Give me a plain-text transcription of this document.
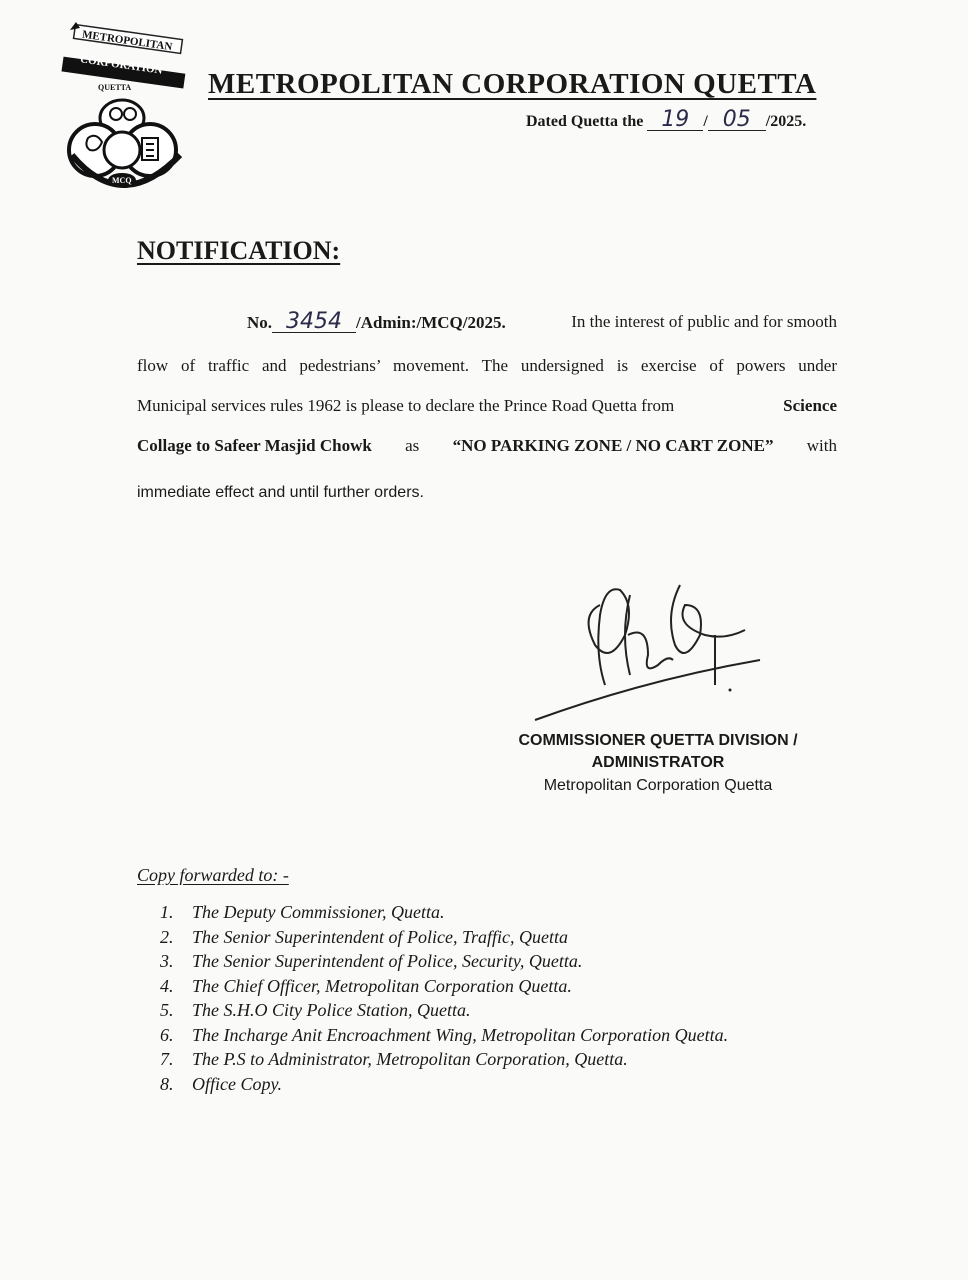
METROPOLITAN
CORPORATION
QUETTA
MCQ
METROPOLITAN CORPORATION QUETTA
Dated Quetta the 19 / 05 /2025.
NOTIFICATION:
No. 3454 /Admin:/MCQ/2025.	In the interest of public and for smooth
flow of traffic and pedestrians’ movement. The undersigned is exercise of powers under
Municipal services rules 1962 is please to declare the Prince Road Quetta from	Science
Collage to Safeer Masjid Chowk as “NO PARKING ZONE / NO CART ZONE” with
immediate effect and until further orders.
COMMISSIONER QUETTA DIVISION /
ADMINISTRATOR
Metropolitan Corporation Quetta
Copy forwarded to: -
1.	The Deputy Commissioner, Quetta.
2.	The Senior Superintendent of Police, Traffic, Quetta
3.	The Senior Superintendent of Police, Security, Quetta.
4.	The Chief Officer, Metropolitan Corporation Quetta.
5.	The S.H.O City Police Station, Quetta.
6.	The Incharge Anit Encroachment Wing, Metropolitan Corporation Quetta.
7.	The P.S to Administrator, Metropolitan Corporation, Quetta.
8.	Office Copy.
